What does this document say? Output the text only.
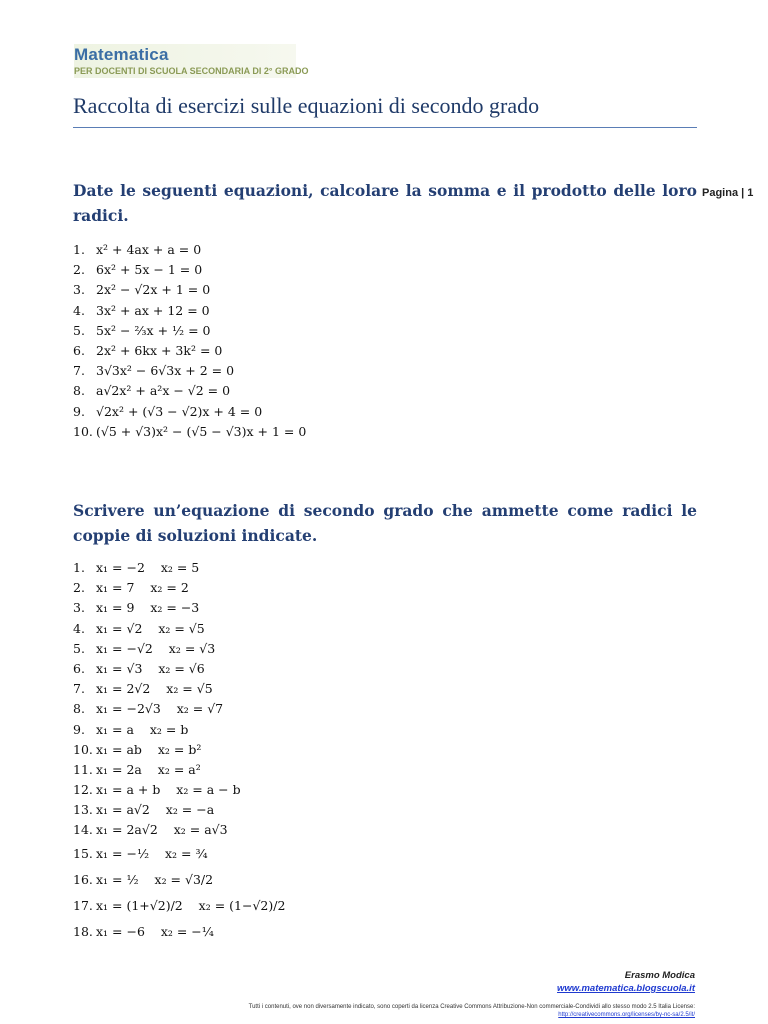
Matematica
PER DOCENTI DI SCUOLA SECONDARIA DI 2° GRADO
Raccolta di esercizi sulle equazioni di secondo grado
Pagina | 1
Date le seguenti equazioni, calcolare la somma e il prodotto delle loro radici.
1. x² + 4ax + a = 0
2. 6x² + 5x − 1 = 0
3. 2x² − √2x + 1 = 0
4. 3x² + ax + 12 = 0
5. 5x² − ⅔x + ½ = 0
6. 2x² + 6kx + 3k² = 0
7. 3√3x² − 6√3x + 2 = 0
8. a√2x² + a²x − √2 = 0
9. √2x² + (√3 − √2)x + 4 = 0
10. (√5 + √3)x² − (√5 − √3)x + 1 = 0
Scrivere un’equazione di secondo grado che ammette come radici le coppie di soluzioni indicate.
1. x₁ = −2 x₂ = 5
2. x₁ = 7 x₂ = 2
3. x₁ = 9 x₂ = −3
4. x₁ = √2 x₂ = √5
5. x₁ = −√2 x₂ = √3
6. x₁ = √3 x₂ = √6
7. x₁ = 2√2 x₂ = √5
8. x₁ = −2√3 x₂ = √7
9. x₁ = a x₂ = b
10. x₁ = ab x₂ = b²
11. x₁ = 2a x₂ = a²
12. x₁ = a + b x₂ = a − b
13. x₁ = a√2 x₂ = −a
14. x₁ = 2a√2 x₂ = a√3
15. x₁ = −½ x₂ = ¾
16. x₁ = ½ x₂ = √3/2
17. x₁ = (1+√2)/2 x₂ = (1−√2)/2
18. x₁ = −6 x₂ = −¼
Erasmo Modica
www.matematica.blogscuola.it
Tutti i contenuti, ove non diversamente indicato, sono coperti da licenza Creative Commons Attribuzione-Non commerciale-Condividi allo stesso modo 2.5 Italia License:
http://creativecommons.org/licenses/by-nc-sa/2.5/it/
